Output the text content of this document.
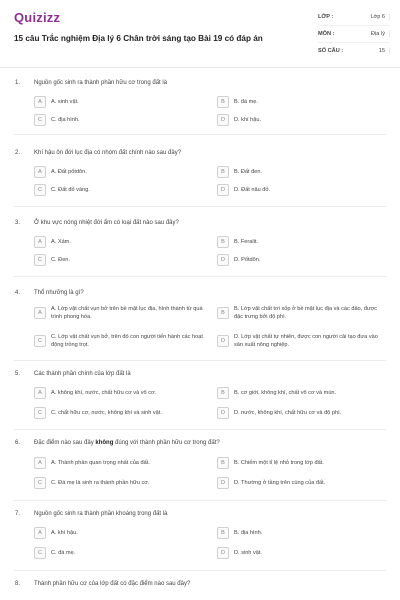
Quizizz
15 câu Trắc nghiệm Địa lý 6 Chân trời sáng tạo Bài 19 có đáp án
LỚP :	Lớp 6
MÔN :	Địa lý
SỐ CÂU :	15
1. Nguồn gốc sinh ra thành phần hữu cơ trong đất là
A	A. sinh vật.	B	B. đá mẹ.
C	C. địa hình.	D	D. khí hậu.
2. Khí hậu ôn đới lục địa có nhóm đất chính nào sau đây?
A	A. Đất pốtdôn.	B	B. Đất đen.
C	C. Đất đỏ vàng.	D	D. Đất nâu đỏ.
3. Ở khu vực nóng nhiệt đới ẩm có loại đất nào sau đây?
A	A. Xám.	B	B. Feralit.
C	C. Đen.	D	D. Pốtdôn.
4. Thổ nhưỡng là gì?
A
A. Lớp vật chất vụn bở trên bề mặt lục địa, hình thành từ quá trình phong hóa.
B
B. Lớp vật chất tơi xốp ở bề mặt lục địa và các đảo, được đặc trưng bởi độ phì.
C
C. Lớp vật chất vụn bở, trên đó con người tiến hành các hoạt động trồng trọt.
D
D. Lớp vật chất tự nhiên, được con người cải tạo đưa vào sản xuất nông nghiệp.
5. Các thành phần chính của lớp đất là
A	A. không khí, nước, chất hữu cơ và vô cơ.	B	B. cơ giới, không khí, chất vô cơ và mùn.
C	C. chất hữu cơ, nước, không khí và sinh vật.	D	D. nước, không khí, chất hữu cơ và độ phì.
6. Đặc điểm nào sau đây không đúng với thành phần hữu cơ trong đất?
A	A. Thành phần quan trọng nhất của đất.	B	B. Chiếm một tỉ lệ nhỏ trong lớp đất.
C	C. Đá mẹ là sinh ra thành phần hữu cơ.	D	D. Thường ở tầng trên cùng của đất.
7. Nguồn gốc sinh ra thành phần khoáng trong đất là
A	A. khí hậu.	B	B. địa hình.
C	C. đá mẹ.	D	D. sinh vật.
8. Thành phần hữu cơ của lớp đất có đặc điểm nào sau đây?
